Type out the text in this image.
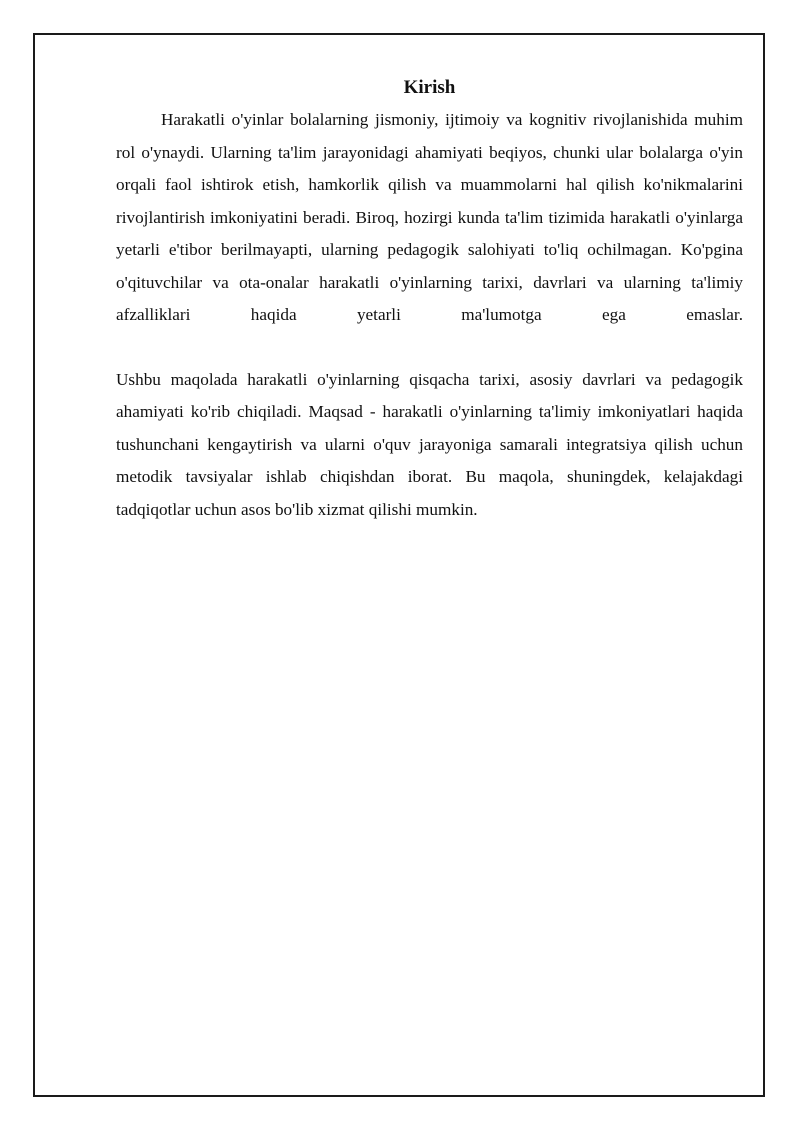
Kirish

Harakatli o'yinlar bolalarning jismoniy, ijtimoiy va kognitiv rivojlanishida muhim rol o'ynaydi. Ularning ta'lim jarayonidagi ahamiyati beqiyos, chunki ular bolalarga o'yin orqali faol ishtirok etish, hamkorlik qilish va muammolarni hal qilish ko'nikmalarini rivojlantirish imkoniyatini beradi. Biroq, hozirgi kunda ta'lim tizimida harakatli o'yinlarga yetarli e'tibor berilmayapti, ularning pedagogik salohiyati to'liq ochilmagan. Ko'pgina o'qituvchilar va ota-onalar harakatli o'yinlarning tarixi, davrlari va ularning ta'limiy afzalliklari haqida yetarli ma'lumotga ega emaslar.

Ushbu maqolada harakatli o'yinlarning qisqacha tarixi, asosiy davrlari va pedagogik ahamiyati ko'rib chiqiladi. Maqsad - harakatli o'yinlarning ta'limiy imkoniyatlari haqida tushunchani kengaytirish va ularni o'quv jarayoniga samarali integratsiya qilish uchun metodik tavsiyalar ishlab chiqishdan iborat. Bu maqola, shuningdek, kelajakdagi tadqiqotlar uchun asos bo'lib xizmat qilishi mumkin.
